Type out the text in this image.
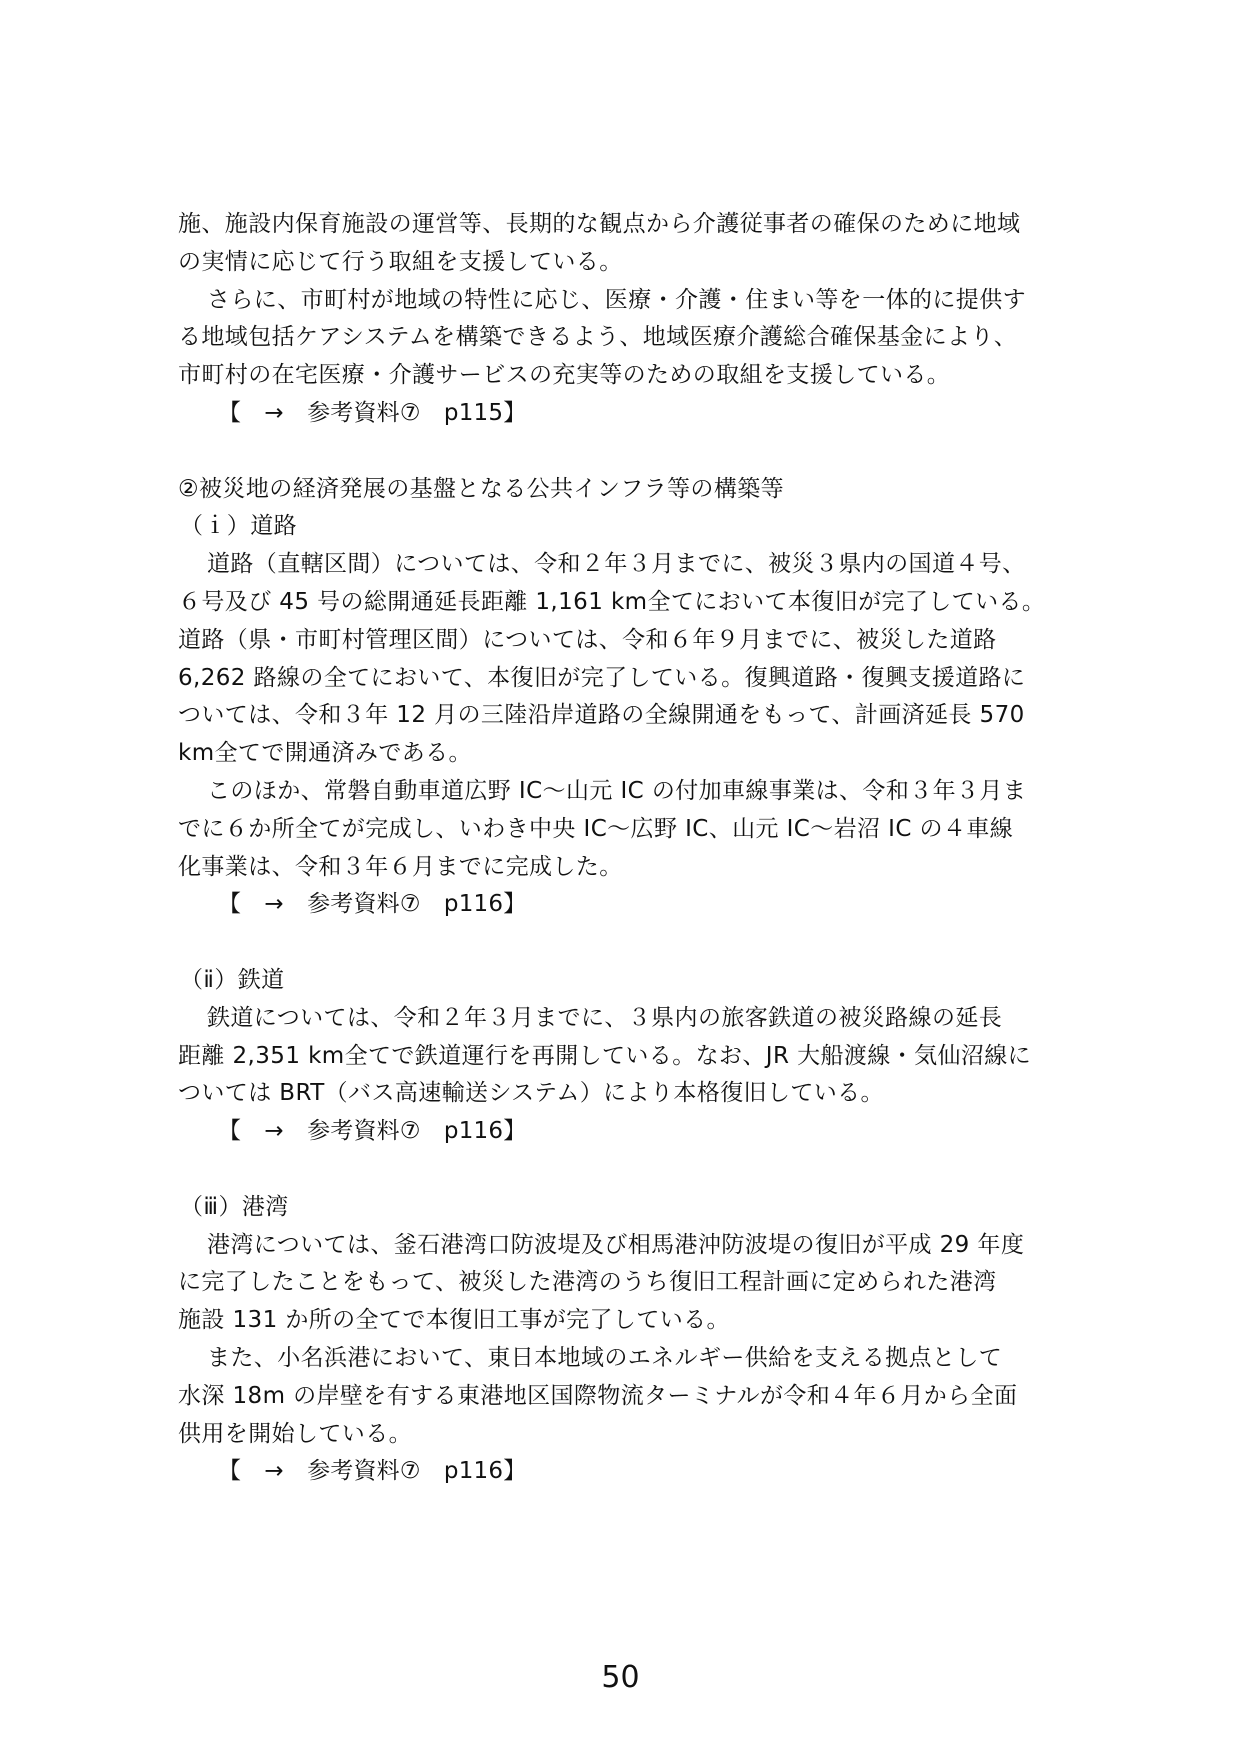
施、施設内保育施設の運営等、長期的な観点から介護従事者の確保のために地域
の実情に応じて行う取組を支援している。
さらに、市町村が地域の特性に応じ、医療・介護・住まい等を一体的に提供す
る地域包括ケアシステムを構築できるよう、地域医療介護総合確保基金により、
市町村の在宅医療・介護サービスの充実等のための取組を支援している。
【　→　参考資料⑦　p115】
②被災地の経済発展の基盤となる公共インフラ等の構築等
（ｉ）道路
道路（直轄区間）については、令和２年３月までに、被災３県内の国道４号、
６号及び 45 号の総開通延長距離 1,161 km全てにおいて本復旧が完了している。
道路（県・市町村管理区間）については、令和６年９月までに、被災した道路
6,262 路線の全てにおいて、本復旧が完了している。復興道路・復興支援道路に
ついては、令和３年 12 月の三陸沿岸道路の全線開通をもって、計画済延長 570
km全てで開通済みである。
このほか、常磐自動車道広野 IC～山元 IC の付加車線事業は、令和３年３月ま
でに６か所全てが完成し、いわき中央 IC～広野 IC、山元 IC～岩沼 IC の４車線
化事業は、令和３年６月までに完成した。
【　→　参考資料⑦　p116】
（ⅱ）鉄道
鉄道については、令和２年３月までに、３県内の旅客鉄道の被災路線の延長
距離 2,351 km全てで鉄道運行を再開している。なお、JR 大船渡線・気仙沼線に
ついては BRT（バス高速輸送システム）により本格復旧している。
【　→　参考資料⑦　p116】
（ⅲ）港湾
港湾については、釜石港湾口防波堤及び相馬港沖防波堤の復旧が平成 29 年度
に完了したことをもって、被災した港湾のうち復旧工程計画に定められた港湾
施設 131 か所の全てで本復旧工事が完了している。
また、小名浜港において、東日本地域のエネルギー供給を支える拠点として
水深 18m の岸壁を有する東港地区国際物流ターミナルが令和４年６月から全面
供用を開始している。
【　→　参考資料⑦　p116】
50
